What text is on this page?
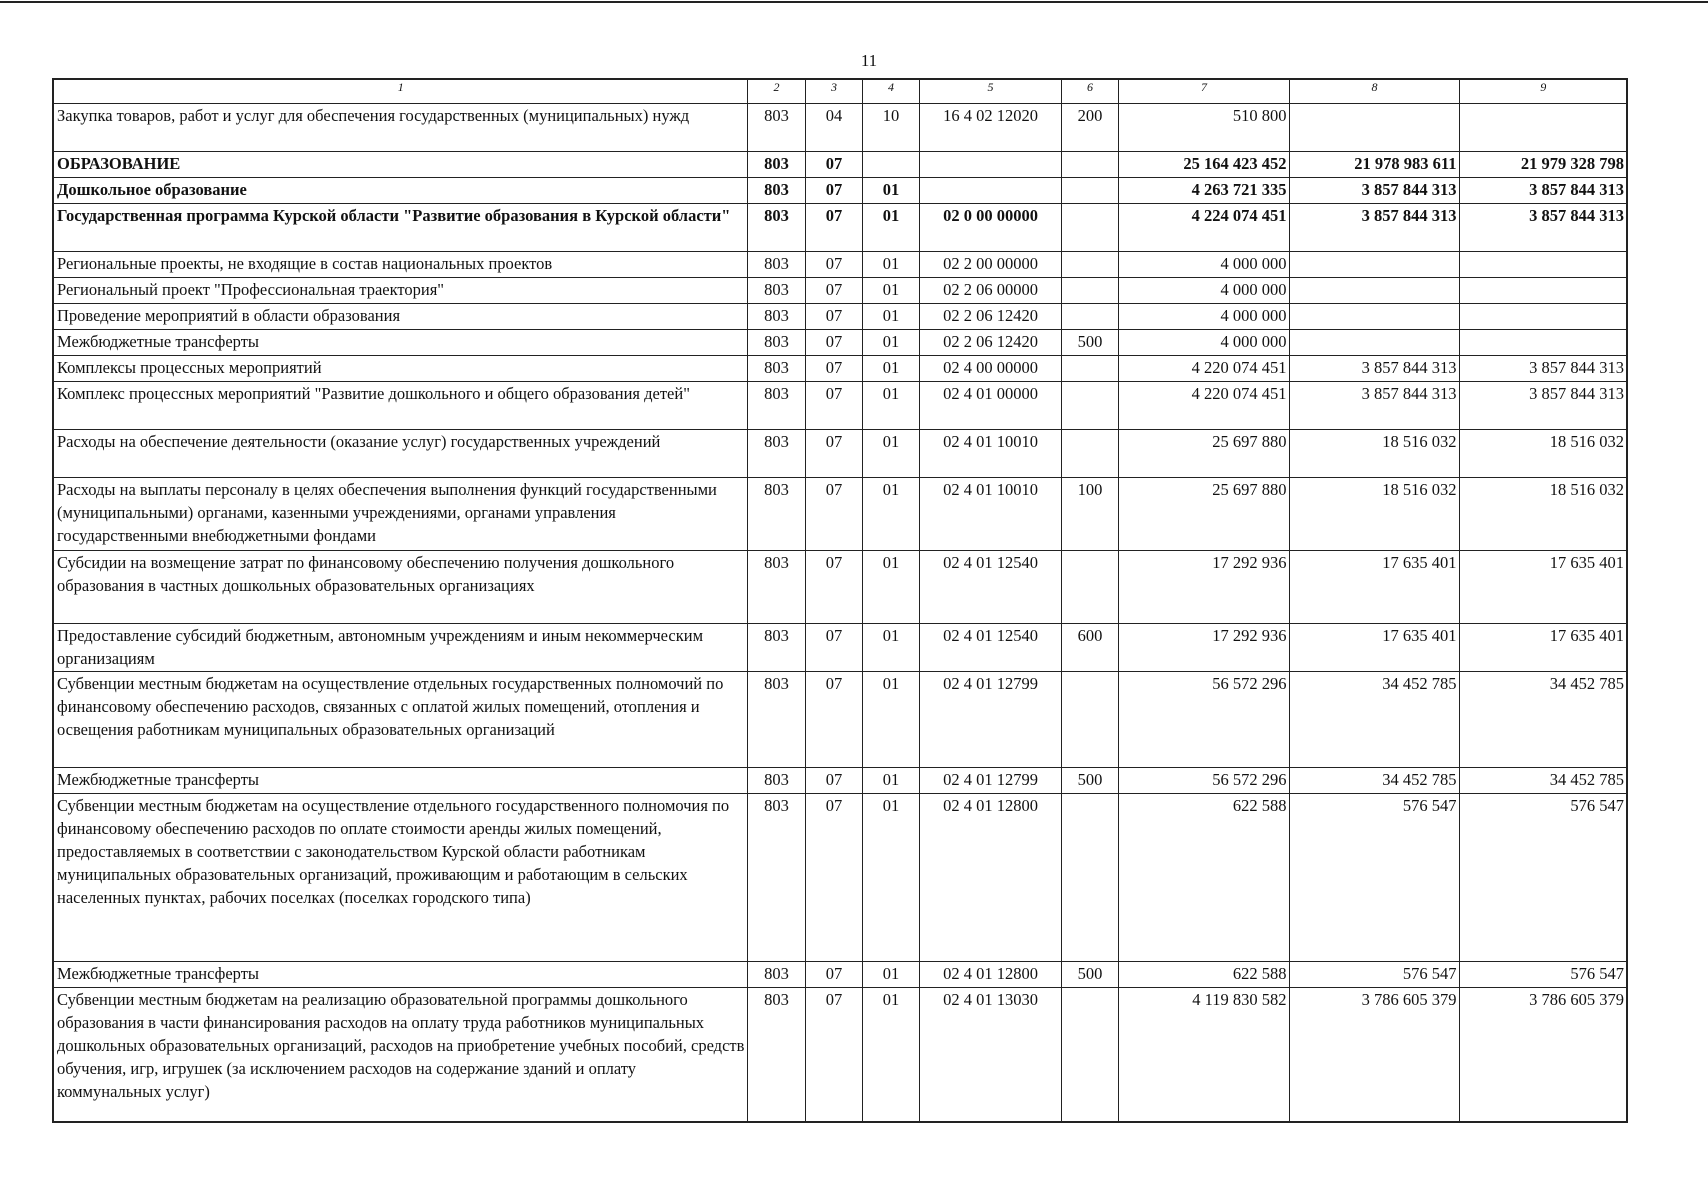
11
1	2	3	4	5	6	7	8	9
Закупка товаров, работ и услуг для обеспечения государственных (муниципальных) нужд	803	04	10	16 4 02 12020	200	510 800		
ОБРАЗОВАНИЕ	803	07				25 164 423 452	21 978 983 611	21 979 328 798
Дошкольное образование	803	07	01			4 263 721 335	3 857 844 313	3 857 844 313
Государственная программа Курской области "Развитие образования в Курской области"	803	07	01	02 0 00 00000		4 224 074 451	3 857 844 313	3 857 844 313
Региональные проекты, не входящие в состав национальных проектов	803	07	01	02 2 00 00000		4 000 000		
Региональный проект "Профессиональная траектория"	803	07	01	02 2 06 00000		4 000 000		
Проведение мероприятий в области образования	803	07	01	02 2 06 12420		4 000 000		
Межбюджетные трансферты	803	07	01	02 2 06 12420	500	4 000 000		
Комплексы процессных мероприятий	803	07	01	02 4 00 00000		4 220 074 451	3 857 844 313	3 857 844 313
Комплекс процессных мероприятий "Развитие дошкольного и общего образования детей"	803	07	01	02 4 01 00000		4 220 074 451	3 857 844 313	3 857 844 313
Расходы на обеспечение деятельности (оказание услуг) государственных учреждений	803	07	01	02 4 01 10010		25 697 880	18 516 032	18 516 032
Расходы на выплаты персоналу в целях обеспечения выполнения функций государственными (муниципальными) органами, казенными учреждениями, органами управления государственными внебюджетными фондами	803	07	01	02 4 01 10010	100	25 697 880	18 516 032	18 516 032
Субсидии на возмещение затрат по финансовому обеспечению получения дошкольного образования в частных дошкольных образовательных организациях	803	07	01	02 4 01 12540		17 292 936	17 635 401	17 635 401
Предоставление субсидий бюджетным, автономным учреждениям и иным некоммерческим организациям	803	07	01	02 4 01 12540	600	17 292 936	17 635 401	17 635 401
Субвенции местным бюджетам на осуществление отдельных государственных полномочий по финансовому обеспечению расходов, связанных с оплатой жилых помещений, отопления и освещения работникам муниципальных образовательных организаций	803	07	01	02 4 01 12799		56 572 296	34 452 785	34 452 785
Межбюджетные трансферты	803	07	01	02 4 01 12799	500	56 572 296	34 452 785	34 452 785
Субвенции местным бюджетам на осуществление отдельного государственного полномочия по финансовому обеспечению расходов по оплате стоимости аренды жилых помещений, предоставляемых в соответствии с законодательством Курской области работникам муниципальных образовательных организаций, проживающим и работающим в сельских населенных пунктах, рабочих поселках (поселках городского типа)	803	07	01	02 4 01 12800		622 588	576 547	576 547
Межбюджетные трансферты	803	07	01	02 4 01 12800	500	622 588	576 547	576 547
Субвенции местным бюджетам на реализацию образовательной программы дошкольного образования в части финансирования расходов на оплату труда работников муниципальных дошкольных образовательных организаций, расходов на приобретение учебных пособий, средств обучения, игр, игрушек (за исключением расходов на содержание зданий и оплату коммунальных услуг)	803	07	01	02 4 01 13030		4 119 830 582	3 786 605 379	3 786 605 379
